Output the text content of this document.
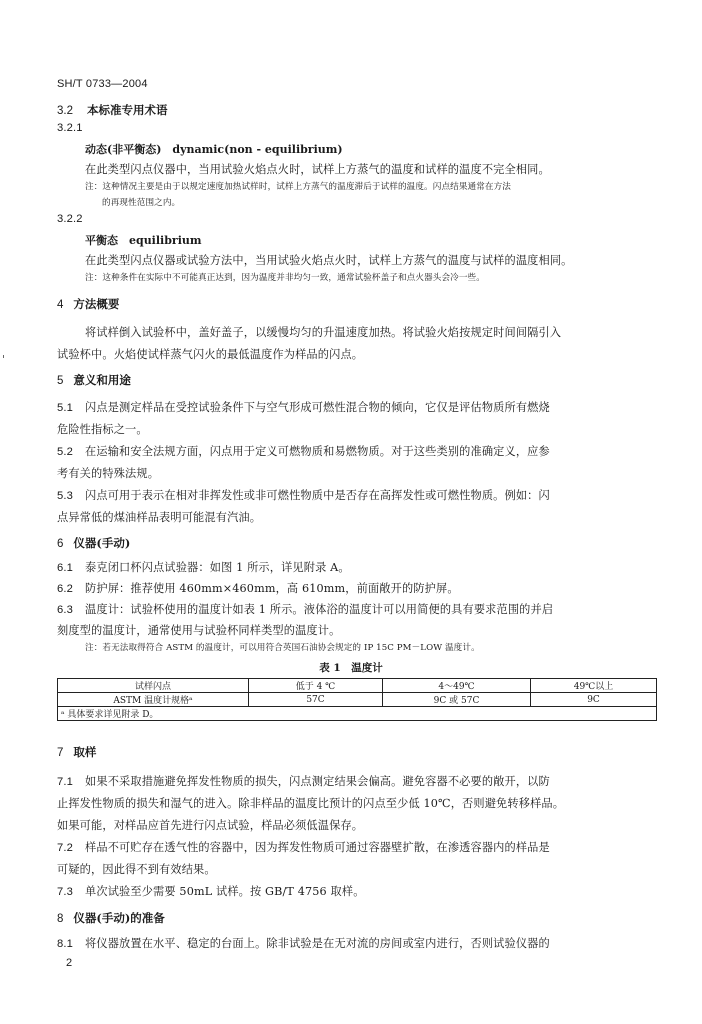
SH/T 0733—2004
3.2 本标准专用术语
3.2.1
动态(非平衡态)　dynamic(non - equilibrium)
在此类型闪点仪器中，当用试验火焰点火时，试样上方蒸气的温度和试样的温度不完全相同。
注：这种情况主要是由于以规定速度加热试样时，试样上方蒸气的温度滞后于试样的温度。闪点结果通常在方法
的再现性范围之内。
3.2.2
平衡态　equilibrium
在此类型闪点仪器或试验方法中，当用试验火焰点火时，试样上方蒸气的温度与试样的温度相同。
注：这种条件在实际中不可能真正达到，因为温度并非均匀一致，通常试验杯盖子和点火器头会冷一些。
4 方法概要
将试样倒入试验杯中，盖好盖子，以缓慢均匀的升温速度加热。将试验火焰按规定时间间隔引入
试验杯中。火焰使试样蒸气闪火的最低温度作为样品的闪点。
5 意义和用途
5.1 闪点是测定样品在受控试验条件下与空气形成可燃性混合物的倾向，它仅是评估物质所有燃烧
危险性指标之一。
5.2 在运输和安全法规方面，闪点用于定义可燃物质和易燃物质。对于这些类别的准确定义，应参
考有关的特殊法规。
5.3 闪点可用于表示在相对非挥发性或非可燃性物质中是否存在高挥发性或可燃性物质。例如：闪
点异常低的煤油样品表明可能混有汽油。
6 仪器(手动)
6.1 泰克闭口杯闪点试验器：如图 1 所示，详见附录 A。
6.2 防护屏：推荐使用 460mm×460mm，高 610mm，前面敞开的防护屏。
6.3 温度计：试验杯使用的温度计如表 1 所示。液体浴的温度计可以用简便的具有要求范围的并启
刻度型的温度计，通常使用与试验杯同样类型的温度计。
注：若无法取得符合 ASTM 的温度计，可以用符合英国石油协会规定的 IP 15C PM－LOW 温度计。
表 1　温度计
试样闪点	低于 4 ℃	4～49℃	49℃以上
ASTM 温度计规格ᵃ	57C	9C 或 57C	9C
ᵃ 具体要求详见附录 D。			
7 取样
7.1 如果不采取措施避免挥发性物质的损失，闪点测定结果会偏高。避免容器不必要的敞开，以防
止挥发性物质的损失和湿气的进入。除非样品的温度比预计的闪点至少低 10℃，否则避免转移样品。
如果可能，对样品应首先进行闪点试验，样品必须低温保存。
7.2 样品不可贮存在透气性的容器中，因为挥发性物质可通过容器壁扩散，在渗透容器内的样品是
可疑的，因此得不到有效结果。
7.3 单次试验至少需要 50mL 试样。按 GB/T 4756 取样。
8 仪器(手动)的准备
8.1 将仪器放置在水平、稳定的台面上。除非试验是在无对流的房间或室内进行，否则试验仪器的
2
